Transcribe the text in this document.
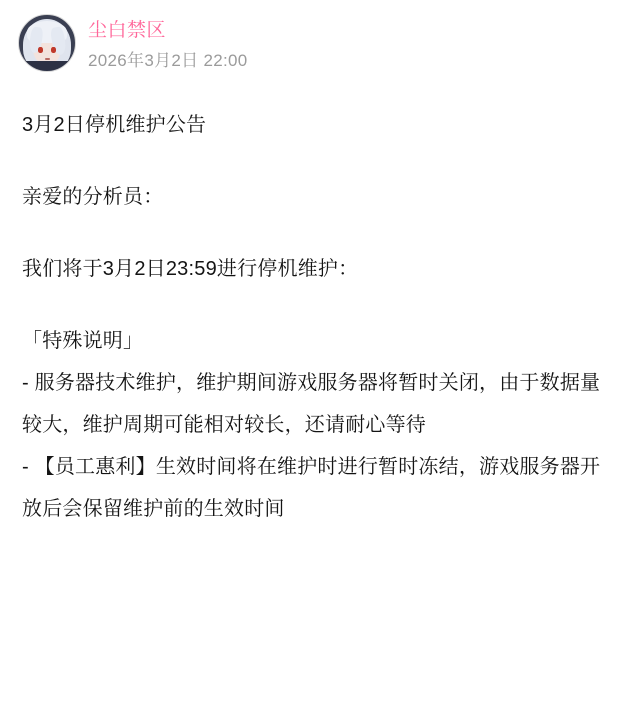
尘白禁区
2026年3月2日 22:00

3月2日停机维护公告

亲爱的分析员：

我们将于3月2日23:59进行停机维护：

「特殊说明」

- 服务器技术维护，维护期间游戏服务器将暂时关闭，由于数据量较大，维护周期可能相对较长，还请耐心等待

- 【员工惠利】生效时间将在维护时进行暂时冻结，游戏服务器开放后会保留维护前的生效时间
